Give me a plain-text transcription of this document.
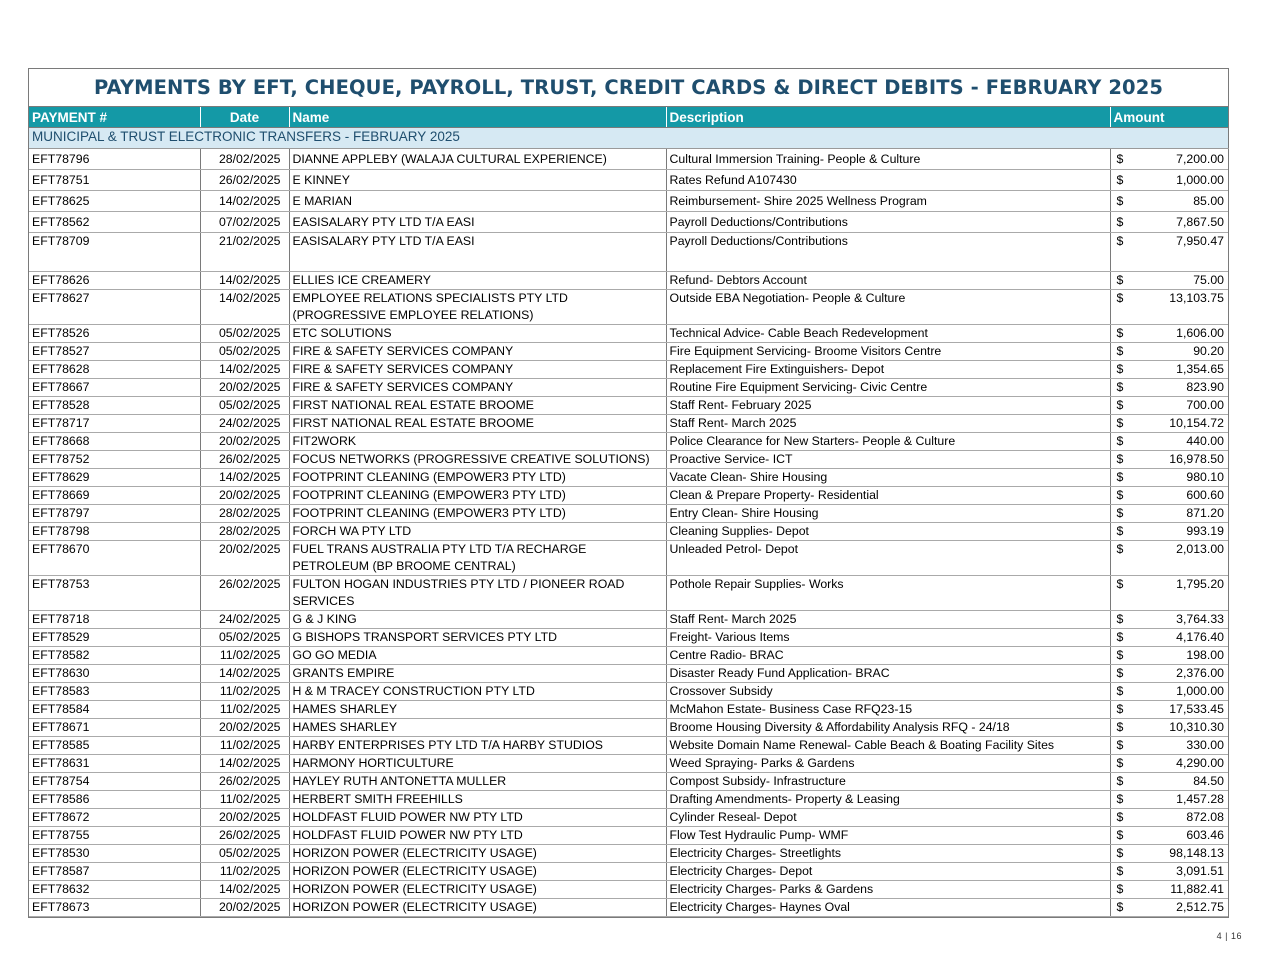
PAYMENTS BY EFT, CHEQUE, PAYROLL, TRUST, CREDIT CARDS & DIRECT DEBITS - FEBRUARY 2025
PAYMENT #	Date	Name	Description	Amount
MUNICIPAL & TRUST ELECTRONIC TRANSFERS - FEBRUARY 2025				
EFT78796	28/02/2025	DIANNE APPLEBY (WALAJA CULTURAL EXPERIENCE)	Cultural Immersion Training- People & Culture	$ 7,200.00

EFT78751	26/02/2025	E KINNEY	Rates Refund A107430	$ 1,000.00

EFT78625	14/02/2025	E MARIAN	Reimbursement- Shire 2025 Wellness Program	$ 85.00

EFT78562	07/02/2025	EASISALARY PTY LTD T/A EASI	Payroll Deductions/Contributions	$ 7,867.50

EFT78709	21/02/2025	EASISALARY PTY LTD T/A EASI	Payroll Deductions/Contributions	$ 7,950.47

EFT78626	14/02/2025	ELLIES ICE CREAMERY	Refund- Debtors Account	$ 75.00

EFT78627	14/02/2025	EMPLOYEE RELATIONS SPECIALISTS PTY LTD (PROGRESSIVE EMPLOYEE RELATIONS)	Outside EBA Negotiation- People & Culture	$ 13,103.75

EFT78526	05/02/2025	ETC SOLUTIONS	Technical Advice- Cable Beach Redevelopment	$ 1,606.00

EFT78527	05/02/2025	FIRE & SAFETY SERVICES COMPANY	Fire Equipment Servicing- Broome Visitors Centre	$ 90.20

EFT78628	14/02/2025	FIRE & SAFETY SERVICES COMPANY	Replacement Fire Extinguishers- Depot	$ 1,354.65

EFT78667	20/02/2025	FIRE & SAFETY SERVICES COMPANY	Routine Fire Equipment Servicing- Civic Centre	$ 823.90

EFT78528	05/02/2025	FIRST NATIONAL REAL ESTATE BROOME	Staff Rent- February 2025	$ 700.00

EFT78717	24/02/2025	FIRST NATIONAL REAL ESTATE BROOME	Staff Rent- March 2025	$ 10,154.72

EFT78668	20/02/2025	FIT2WORK	Police Clearance for New Starters- People & Culture	$ 440.00

EFT78752	26/02/2025	FOCUS NETWORKS (PROGRESSIVE CREATIVE SOLUTIONS)	Proactive Service- ICT	$ 16,978.50

EFT78629	14/02/2025	FOOTPRINT CLEANING (EMPOWER3 PTY LTD)	Vacate Clean- Shire Housing	$ 980.10

EFT78669	20/02/2025	FOOTPRINT CLEANING (EMPOWER3 PTY LTD)	Clean & Prepare Property- Residential	$ 600.60

EFT78797	28/02/2025	FOOTPRINT CLEANING (EMPOWER3 PTY LTD)	Entry Clean- Shire Housing	$ 871.20

EFT78798	28/02/2025	FORCH WA PTY LTD	Cleaning Supplies- Depot	$ 993.19

EFT78670	20/02/2025	FUEL TRANS AUSTRALIA PTY LTD T/A RECHARGE PETROLEUM (BP BROOME CENTRAL)	Unleaded Petrol- Depot	$ 2,013.00

EFT78753	26/02/2025	FULTON HOGAN INDUSTRIES PTY LTD / PIONEER ROAD SERVICES	Pothole Repair Supplies- Works	$ 1,795.20

EFT78718	24/02/2025	G & J KING	Staff Rent- March 2025	$ 3,764.33

EFT78529	05/02/2025	G BISHOPS TRANSPORT SERVICES PTY LTD	Freight- Various Items	$ 4,176.40

EFT78582	11/02/2025	GO GO MEDIA	Centre Radio- BRAC	$ 198.00

EFT78630	14/02/2025	GRANTS EMPIRE	Disaster Ready Fund Application- BRAC	$ 2,376.00

EFT78583	11/02/2025	H & M TRACEY CONSTRUCTION PTY LTD	Crossover Subsidy	$ 1,000.00

EFT78584	11/02/2025	HAMES SHARLEY	McMahon Estate- Business Case RFQ23-15	$ 17,533.45

EFT78671	20/02/2025	HAMES SHARLEY	Broome Housing Diversity & Affordability Analysis RFQ - 24/18	$ 10,310.30

EFT78585	11/02/2025	HARBY ENTERPRISES PTY LTD T/A HARBY STUDIOS	Website Domain Name Renewal- Cable Beach & Boating Facility Sites	$ 330.00

EFT78631	14/02/2025	HARMONY HORTICULTURE	Weed Spraying- Parks & Gardens	$ 4,290.00

EFT78754	26/02/2025	HAYLEY RUTH ANTONETTA MULLER	Compost Subsidy- Infrastructure	$ 84.50

EFT78586	11/02/2025	HERBERT SMITH FREEHILLS	Drafting Amendments- Property & Leasing	$ 1,457.28

EFT78672	20/02/2025	HOLDFAST FLUID POWER NW PTY LTD	Cylinder Reseal- Depot	$ 872.08

EFT78755	26/02/2025	HOLDFAST FLUID POWER NW PTY LTD	Flow Test Hydraulic Pump- WMF	$ 603.46

EFT78530	05/02/2025	HORIZON POWER (ELECTRICITY USAGE)	Electricity Charges- Streetlights	$ 98,148.13

EFT78587	11/02/2025	HORIZON POWER (ELECTRICITY USAGE)	Electricity Charges- Depot	$ 3,091.51

EFT78632	14/02/2025	HORIZON POWER (ELECTRICITY USAGE)	Electricity Charges- Parks & Gardens	$ 11,882.41

EFT78673	20/02/2025	HORIZON POWER (ELECTRICITY USAGE)	Electricity Charges- Haynes Oval	$ 2,512.75
4 | 16
